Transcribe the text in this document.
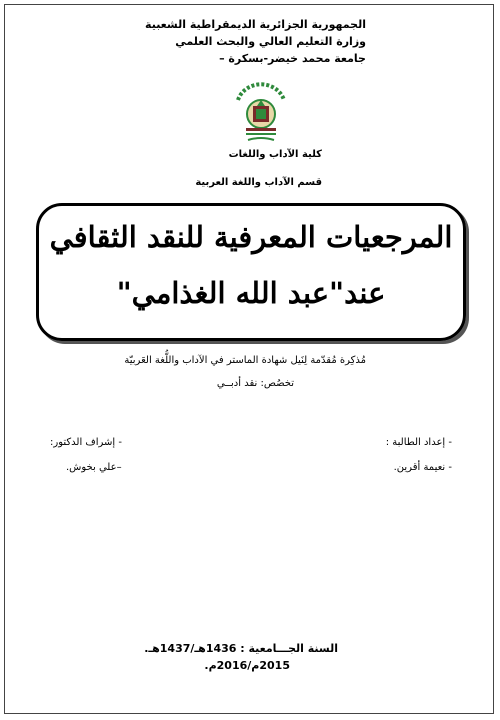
الجمهورية الجزائرية الديمقراطية الشعبية
وزارة التعليم العالي والبحث العلمي
جامعة محمد خيضر-بسكرة –
كلية الآداب واللغات
قسم الآداب واللغة العربية
المرجعيات المعرفية للنقد الثقافي
عند"عبد الله الغذامي"
مُذكِرة مُقدّمة لِنَيل شهادة الماستر في الآداب واللُّغة العَربيّة
تخصُص: نقد أدبــي
- إعداد الطالبة :
- نعيمة أقرين.
- إشراف الدكتور:
–علي بخوش.
السنة الجـــامعية : 1436هـ/1437هـ.
2015م/2016م.
